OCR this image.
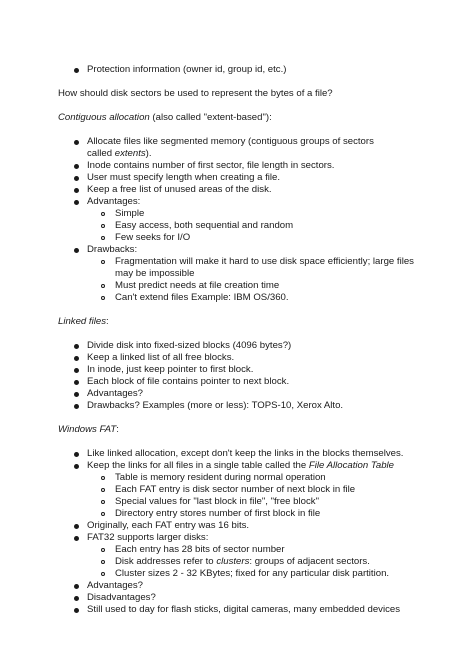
Protection information (owner id, group id, etc.)
How should disk sectors be used to represent the bytes of a file?
Contiguous allocation (also called "extent-based"):
Allocate files like segmented memory (contiguous groups of sectors
called extents).
Inode contains number of first sector, file length in sectors.
User must specify length when creating a file.
Keep a free list of unused areas of the disk.
Advantages:
Simple
Easy access, both sequential and random
Few seeks for I/O
Drawbacks:
Fragmentation will make it hard to use disk space efficiently; large files
may be impossible
Must predict needs at file creation time
Can't extend files Example: IBM OS/360.
Linked files:
Divide disk into fixed-sized blocks (4096 bytes?)
Keep a linked list of all free blocks.
In inode, just keep pointer to first block.
Each block of file contains pointer to next block.
Advantages?
Drawbacks? Examples (more or less): TOPS-10, Xerox Alto.
Windows FAT:
Like linked allocation, except don't keep the links in the blocks themselves.
Keep the links for all files in a single table called the File Allocation Table
Table is memory resident during normal operation
Each FAT entry is disk sector number of next block in file
Special values for "last block in file", "free block"
Directory entry stores number of first block in file
Originally, each FAT entry was 16 bits.
FAT32 supports larger disks:
Each entry has 28 bits of sector number
Disk addresses refer to clusters: groups of adjacent sectors.
Cluster sizes 2 - 32 KBytes; fixed for any particular disk partition.
Advantages?
Disadvantages?
Still used to day for flash sticks, digital cameras, many embedded devices
